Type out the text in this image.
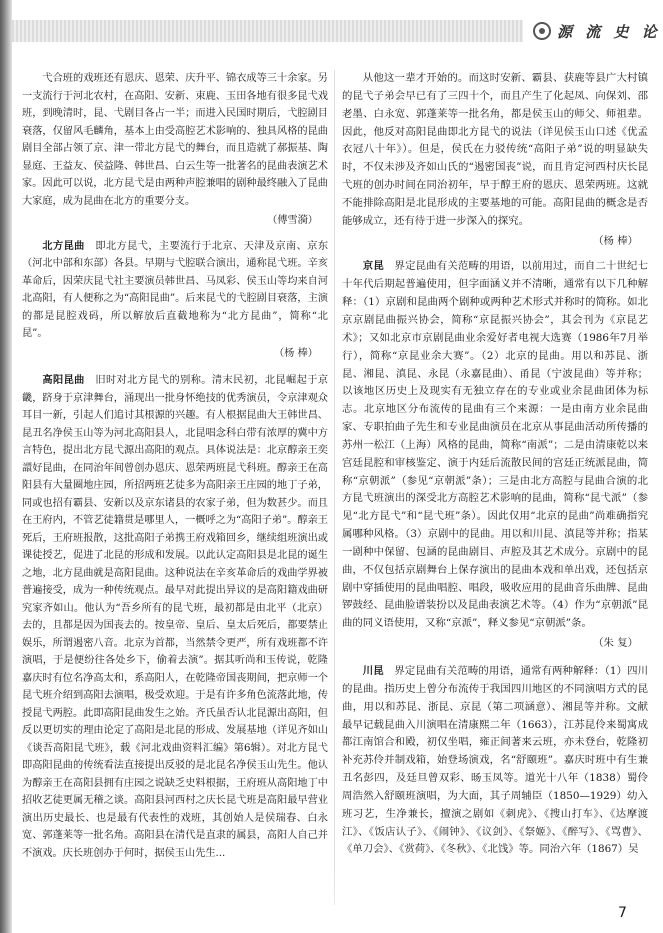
源 流 史 论

弋合班的戏班还有恩庆、恩荣、庆升平、锦衣成等三十余家。另一支流行于河北农村，在高阳、安新、束鹿、玉田各地有很多昆弋戏班，到晚清时，昆、弋剧目各占一半；而进入民国时期后，弋腔剧目衰落，仅留风毛麟角，基本上由受高腔艺术影响的、独具风格的昆曲剧目全部占领了京、津一带北方昆弋的舞台，而且造就了郝振基、陶显庭、王益友、侯益隆、韩世昌、白云生等一批著名的昆曲表演艺术家。因此可以说，北方昆弋是由两种声腔兼唱的剧种最终融入了昆曲大家庭，成为昆曲在北方的重要分支。

（傅雪漪）

北方昆曲　 即北方昆弋，主要流行于北京、天津及京南、京东（河北中部和东部）各县。早期与弋腔联合演出，通称昆弋班。辛亥革命后，因荣庆昆弋社主要演员韩世昌、马凤彩、侯玉山等均来自河北高阳，有人便称之为“高阳昆曲”。后来昆弋的弋腔剧目衰落，主演的都是昆腔戏码，所以解放后直截地称为“北方昆曲”，简称“北昆”。

（杨 棒）

高阳昆曲　 旧时对北方昆弋的别称。清末民初，北昆崛起于京畿，跻身于京津舞台，涌现出一批身怀绝技的优秀演员，令京津观众耳目一新，引起人们追讨其根源的兴趣。有人根据昆曲大王韩世昌、昆丑名净侯玉山等为河北高阳县人，北昆唱念科白带有浓厚的冀中方言特色，提出北方昆弋源出高阳的观点。具体说法是：北京醇亲王奕譞好昆曲，在同治年间曾创办恩庆、恩荣两班昆弋科班。醇亲王在高阳县有大量圈地庄园，所招两班艺徒多为高阳亲王庄园的地丁子弟，同或也招有霸县、安新以及京东诸县的农家子弟，但为数甚少。而且在王府内，不管艺徒籍贯是哪里人，一概呼之为“高阳子弟”。醇亲王死后，王府班报散，这批高阳子弟携王府戏箱回乡，继续组班演出或课徒授艺，促进了北昆的形成和发展。以此认定高阳县是北昆的诞生之地，北方昆曲就是高阳昆曲。这种说法在辛亥革命后的戏曲学界被普遍接受，成为一种传统观点。最早对此提出异议的是高阳籍戏曲研究家齐如山。他认为“吾乡所有的昆弋班，最初都是由北平（北京）去的，且都是因为国丧去的。按皇帝、皇后、皇太后死后，都要禁止娱乐，所谓遏密八音。北京为首都，当然禁令更严，所有戏班都不许演唱，于是便纷往各处乡下，偷着去演”。据其听尚和玉传说，乾隆嘉庆时有位名净高太和，系高阳人，在乾隆帝国丧期间，把京师一个昆弋班介绍到高阳去演唱，极受欢迎。于是有许多角色流落此地，传授昆弋两腔。此即高阳昆曲发生之始。齐氏虽否认北昆源出高阳，但反以更切实的理由论定了高阳是北昆的形成、发展基地（详见齐如山《谈吾高阳昆弋班》，载《河北戏曲资料汇编》第6辑）。对北方昆弋即高阳昆曲的传统看法直接提出反驳的是北昆名净侯玉山先生。他认为醇亲王在高阳县拥有庄园之说缺乏史料根据，王府班从高阳地丁中招收艺徒更属无稽之谈。高阳县河西村之庆长昆弋班是高阳最早营业演出历史最长、也是最有代表性的戏班，其创始人是侯瑞春、白永宽、郭蓬莱等一批名角。高阳县在清代是直隶的属县，高阳人自己并不演戏。庆长班创办于何时，据侯玉山先生...

从他这一辈才开始的。而这时安新、霸县、获鹿等县广大村镇的昆弋子弟会早已有了三四十个，而且产生了化起凤、向保刘、邵老墨、白永宽、郭蓬莱等一批名角，都是侯玉山的师父、师祖辈。因此，他反对高阳昆曲即北方昆弋的说法（详见侯玉山口述《优孟衣冠八十年》）。但是，侯氏在力驳传统“高阳子弟”说的明显缺失时，不仅未涉及齐如山氏的“遏密国丧”说，而且肯定河西村庆长昆弋班的创办时间在同治初年，早于醇王府的恩庆、恩荣两班。这就不能排除高阳是北昆形成的主要基地的可能。高阳昆曲的概念是否能够成立，还有待于进一步深入的探究。

（杨 棒）

京昆　 界定昆曲有关范畴的用语，以前用过，而自二十世纪七十年代后期起普遍使用，但字面涵义并不清晰，通常有以下几种解释：（1）京剧和昆曲两个剧种或两种艺术形式并称时的简称。如北京京剧昆曲振兴协会，简称“京昆振兴协会”，其会刊为《京昆艺术》；又如北京市京剧昆曲业余爱好者电视大选赛（1986年7月举行），简称“京昆业余大赛”。（2）北京的昆曲。用以和苏昆、浙昆、湘昆、滇昆、永昆（永嘉昆曲）、甬昆（宁波昆曲）等并称；以该地区历史上及现实有无独立存在的专业或业余昆曲团体为标志。北京地区分布流传的昆曲有三个来源：一是由南方业余昆曲家、专职拍曲子先生和专业昆曲演员在北京从事昆曲活动所传播的苏州一松江（上海）风格的昆曲，简称“南派”；二是由清康乾以来宫廷昆腔和审核鉴定、演于内廷后流散民间的宫廷正统派昆曲，简称“京朝派”（参见“京朝派”条）；三是由北方高腔与昆曲合演的北方昆弋班演出的深受北方高腔艺术影响的昆曲，简称“昆弋派”（参见“北方昆弋”和“昆弋班”条）。因此仅用“北京的昆曲”尚难确指究属哪种风格。（3）京剧中的昆曲。用以和川昆、滇昆等并称；指某一剧种中保留、包涵的昆曲剧目、声腔及其艺术成分。京剧中的昆曲，不仅包括京剧舞台上保存演出的昆曲本戏和单出戏，还包括京剧中穿插使用的昆曲唱腔、唱段，吸收应用的昆曲音乐曲牌、昆曲锣鼓经、昆曲脸谱装扮以及昆曲表演艺术等。（4）作为“京朝派”昆曲的同义语使用，又称“京派”，释义参见“京朝派”条。

（朱 复）

川昆　 界定昆曲有关范畴的用语，通常有两种解释：（1）四川的昆曲。指历史上曾分布流传于我国四川地区的不同演唱方式的昆曲，用以和苏昆、浙昆、京昆（第二项涵意）、湘昆等并称。文献最早记载昆曲入川演唱在清康熙二年（1663），江苏昆伶来蜀寓成都江南馆合和殿，初仅坐唱，雍正间著来云班，亦未登台，乾隆初补充苏伶并制戏箱，始登场演戏，名“舒颐班”。嘉庆时班中有生兼丑名彭四，及廷旦曾双彩、旸玉凤等。道光十八年（1838）蜀伶周浩然入舒颐班演唱，为大面，其子周辅臣（1850—1929）幼入班习艺，生净兼长，擅演之剧如《刺虎》、《搜山打车》、《达摩渡江》、《饭店认子》、《闹钟》、《议剑》、《祭姬》、《醉写》、《骂曹》、《单刀会》、《赏荷》、《冬秋》、《北饯》等。同治六年（1867）吴

7
